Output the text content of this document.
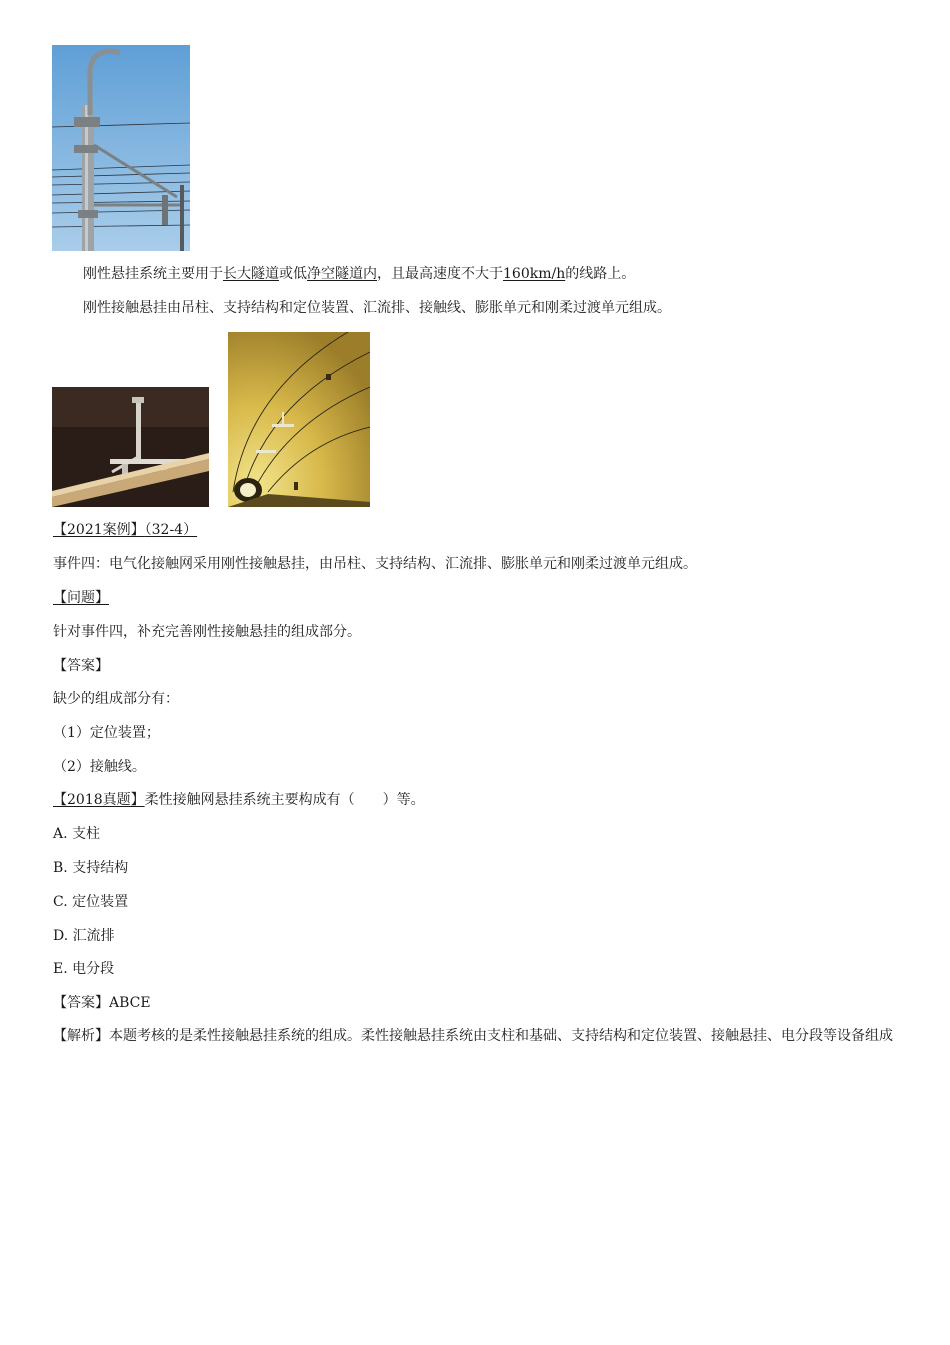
刚性悬挂系统主要用于长大隧道或低净空隧道内，且最高速度不大于160km/h的线路上。
刚性接触悬挂由吊柱、支持结构和定位装置、汇流排、接触线、膨胀单元和刚柔过渡单元组成。
【2021案例】（32-4）
事件四：电气化接触网采用刚性接触悬挂，由吊柱、支持结构、汇流排、膨胀单元和刚柔过渡单元组成。
【问题】
针对事件四，补充完善刚性接触悬挂的组成部分。
【答案】
缺少的组成部分有：
（1）定位装置；
（2）接触线。
【2018真题】柔性接触网悬挂系统主要构成有（　　）等。
A. 支柱
B. 支持结构
C. 定位装置
D. 汇流排
E. 电分段
【答案】ABCE
【解析】本题考核的是柔性接触悬挂系统的组成。柔性接触悬挂系统由支柱和基础、支持结构和定位装置、接触悬挂、电分段等设备组成
